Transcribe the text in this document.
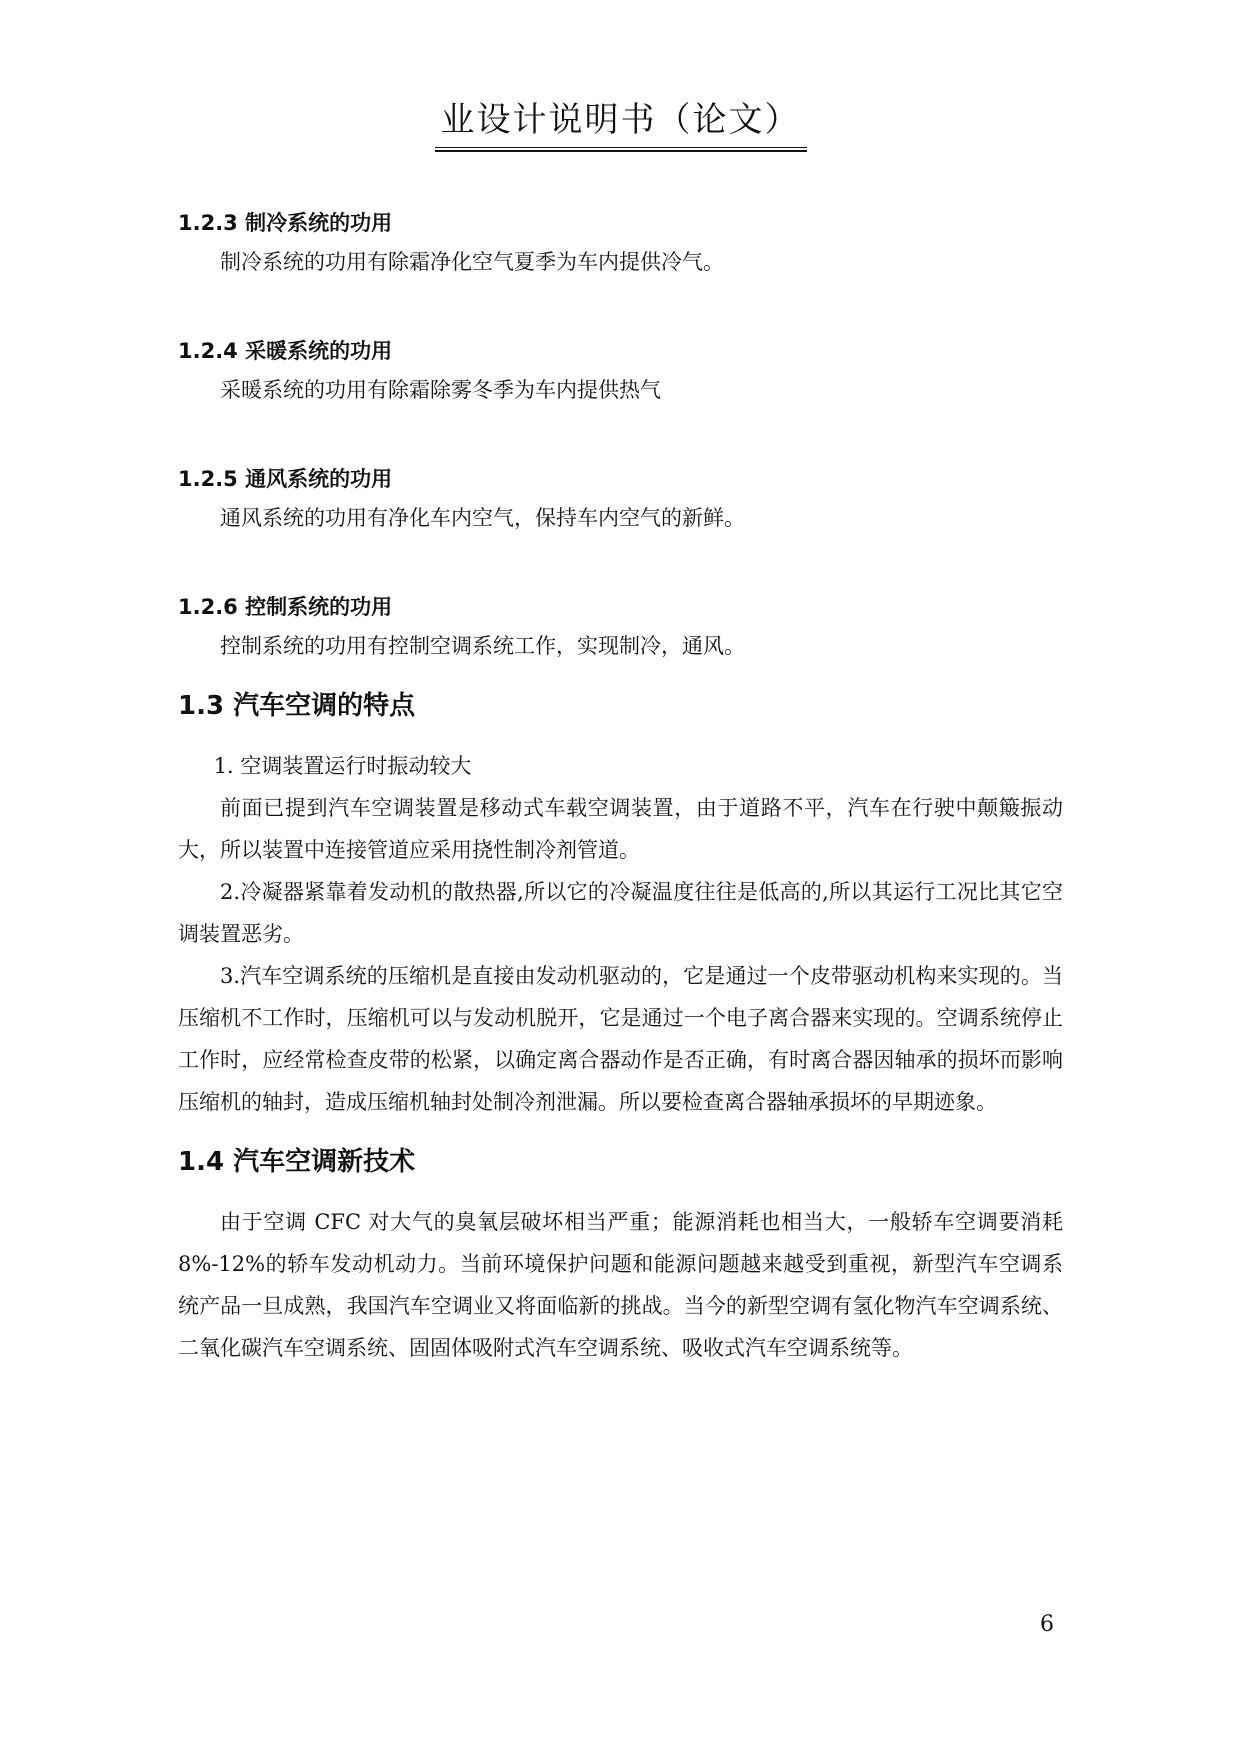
业设计说明书（论文）
1.2.3 制冷系统的功用

制冷系统的功用有除霜净化空气夏季为车内提供冷气。

1.2.4 采暖系统的功用

采暖系统的功用有除霜除雾冬季为车内提供热气

1.2.5 通风系统的功用

通风系统的功用有净化车内空气，保持车内空气的新鲜。

1.2.6 控制系统的功用

控制系统的功用有控制空调系统工作，实现制冷，通风。

1.3 汽车空调的特点

1. 空调装置运行时振动较大

前面已提到汽车空调装置是移动式车载空调装置，由于道路不平，汽车在行驶中颠簸振动大，所以装置中连接管道应采用挠性制冷剂管道。

2.冷凝器紧靠着发动机的散热器,所以它的冷凝温度往往是低高的,所以其运行工况比其它空调装置恶劣。

3.汽车空调系统的压缩机是直接由发动机驱动的，它是通过一个皮带驱动机构来实现的。当压缩机不工作时，压缩机可以与发动机脱开，它是通过一个电子离合器来实现的。空调系统停止工作时，应经常检查皮带的松紧，以确定离合器动作是否正确，有时离合器因轴承的损坏而影响压缩机的轴封，造成压缩机轴封处制冷剂泄漏。所以要检查离合器轴承损坏的早期迹象。

1.4 汽车空调新技术

由于空调 CFC 对大气的臭氧层破坏相当严重；能源消耗也相当大，一般轿车空调要消耗 8%-12%的轿车发动机动力。当前环境保护问题和能源问题越来越受到重视，新型汽车空调系统产品一旦成熟，我国汽车空调业又将面临新的挑战。当今的新型空调有氢化物汽车空调系统、二氧化碳汽车空调系统、固固体吸附式汽车空调系统、吸收式汽车空调系统等。

6
